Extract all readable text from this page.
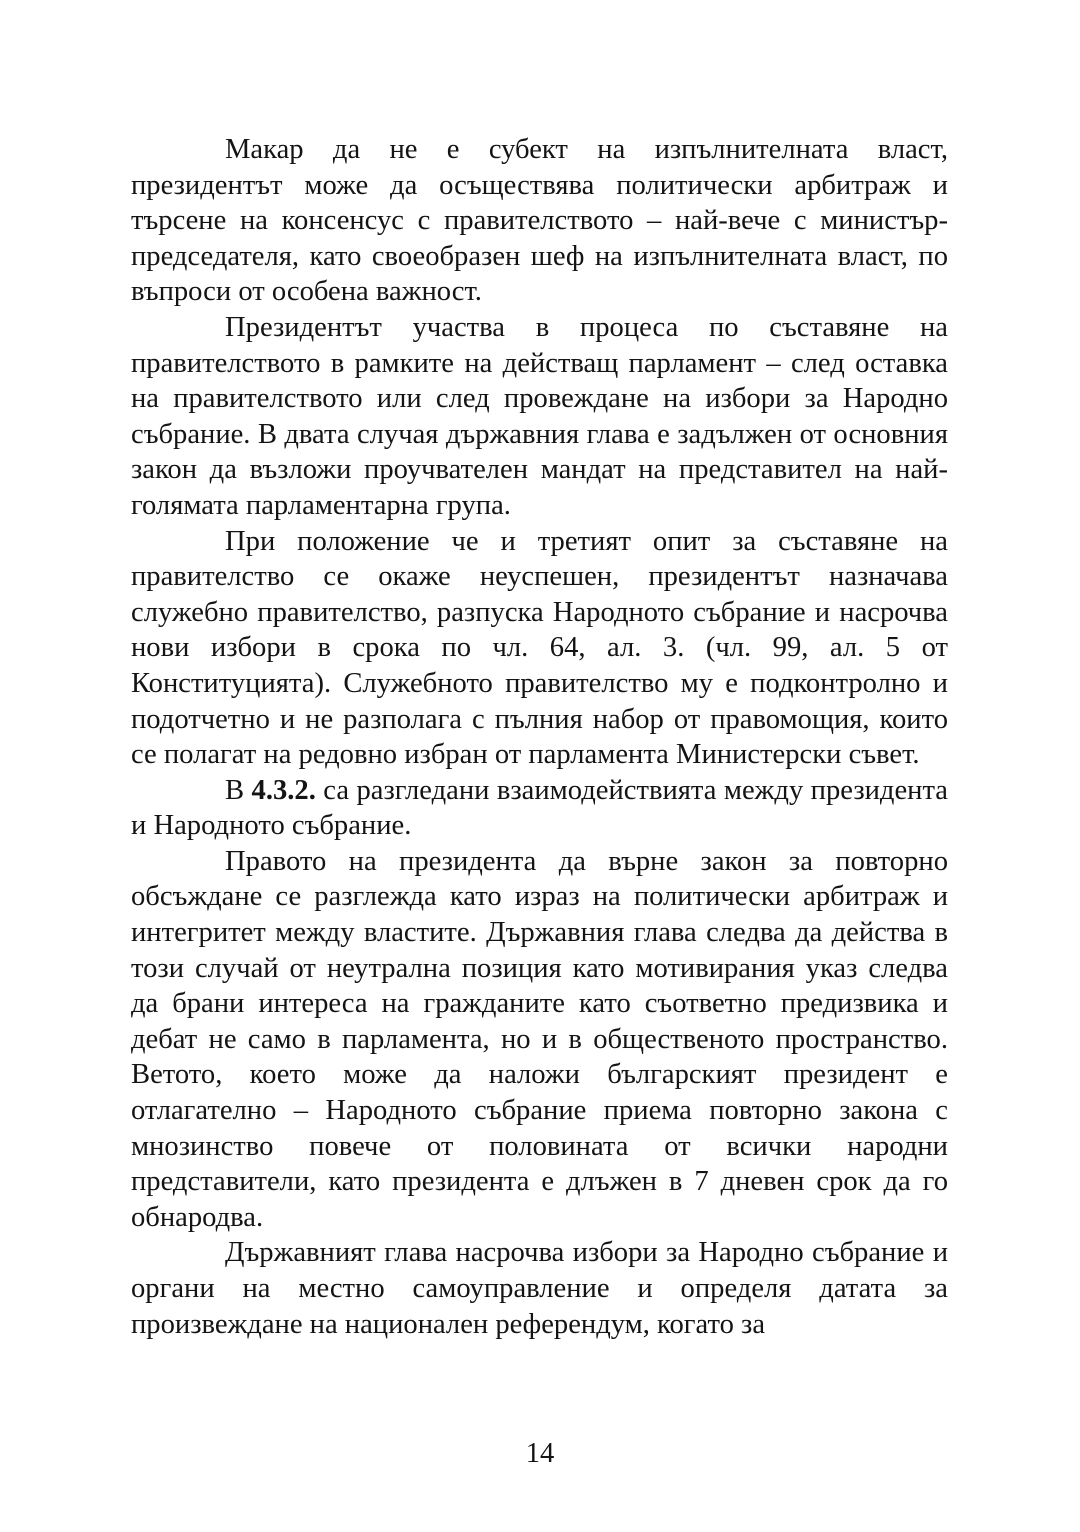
Макар да не е субект на изпълнителната власт, президентът може да осъществява политически арбитраж и търсене на консенсус с правителството – най-вече с министър-председателя, като своеобразен шеф на изпълнителната власт, по въпроси от особена важност.

Президентът участва в процеса по съставяне на правителството в рамките на действащ парламент – след оставка на правителството или след провеждане на избори за Народно събрание. В двата случая държавния глава е задължен от основния закон да възложи проучвателен мандат на представител на най-голямата парламентарна група.

При положение че и третият опит за съставяне на правителство се окаже неуспешен, президентът назначава служебно правителство, разпуска Народното събрание и насрочва нови избори в срока по чл. 64, ал. 3. (чл. 99, ал. 5 от Конституцията). Служебното правителство му е подконтролно и подотчетно и не разполага с пълния набор от правомощия, които се полагат на редовно избран от парламента Министерски съвет.

В 4.3.2. са разгледани взаимодействията между президента и Народното събрание.

Правото на президента да върне закон за повторно обсъждане се разглежда като израз на политически арбитраж и интегритет между властите. Държавния глава следва да действа в този случай от неутрална позиция като мотивирания указ следва да брани интереса на гражданите като съответно предизвика и дебат не само в парламента, но и в общественото пространство. Ветото, което може да наложи българският президент е отлагателно – Народното събрание приема повторно закона с мнозинство повече от половината от всички народни представители, като президента е длъжен в 7 дневен срок да го обнародва.

Държавният глава насрочва избори за Народно събрание и органи на местно самоуправление и определя датата за произвеждане на национален референдум, когато за

14
